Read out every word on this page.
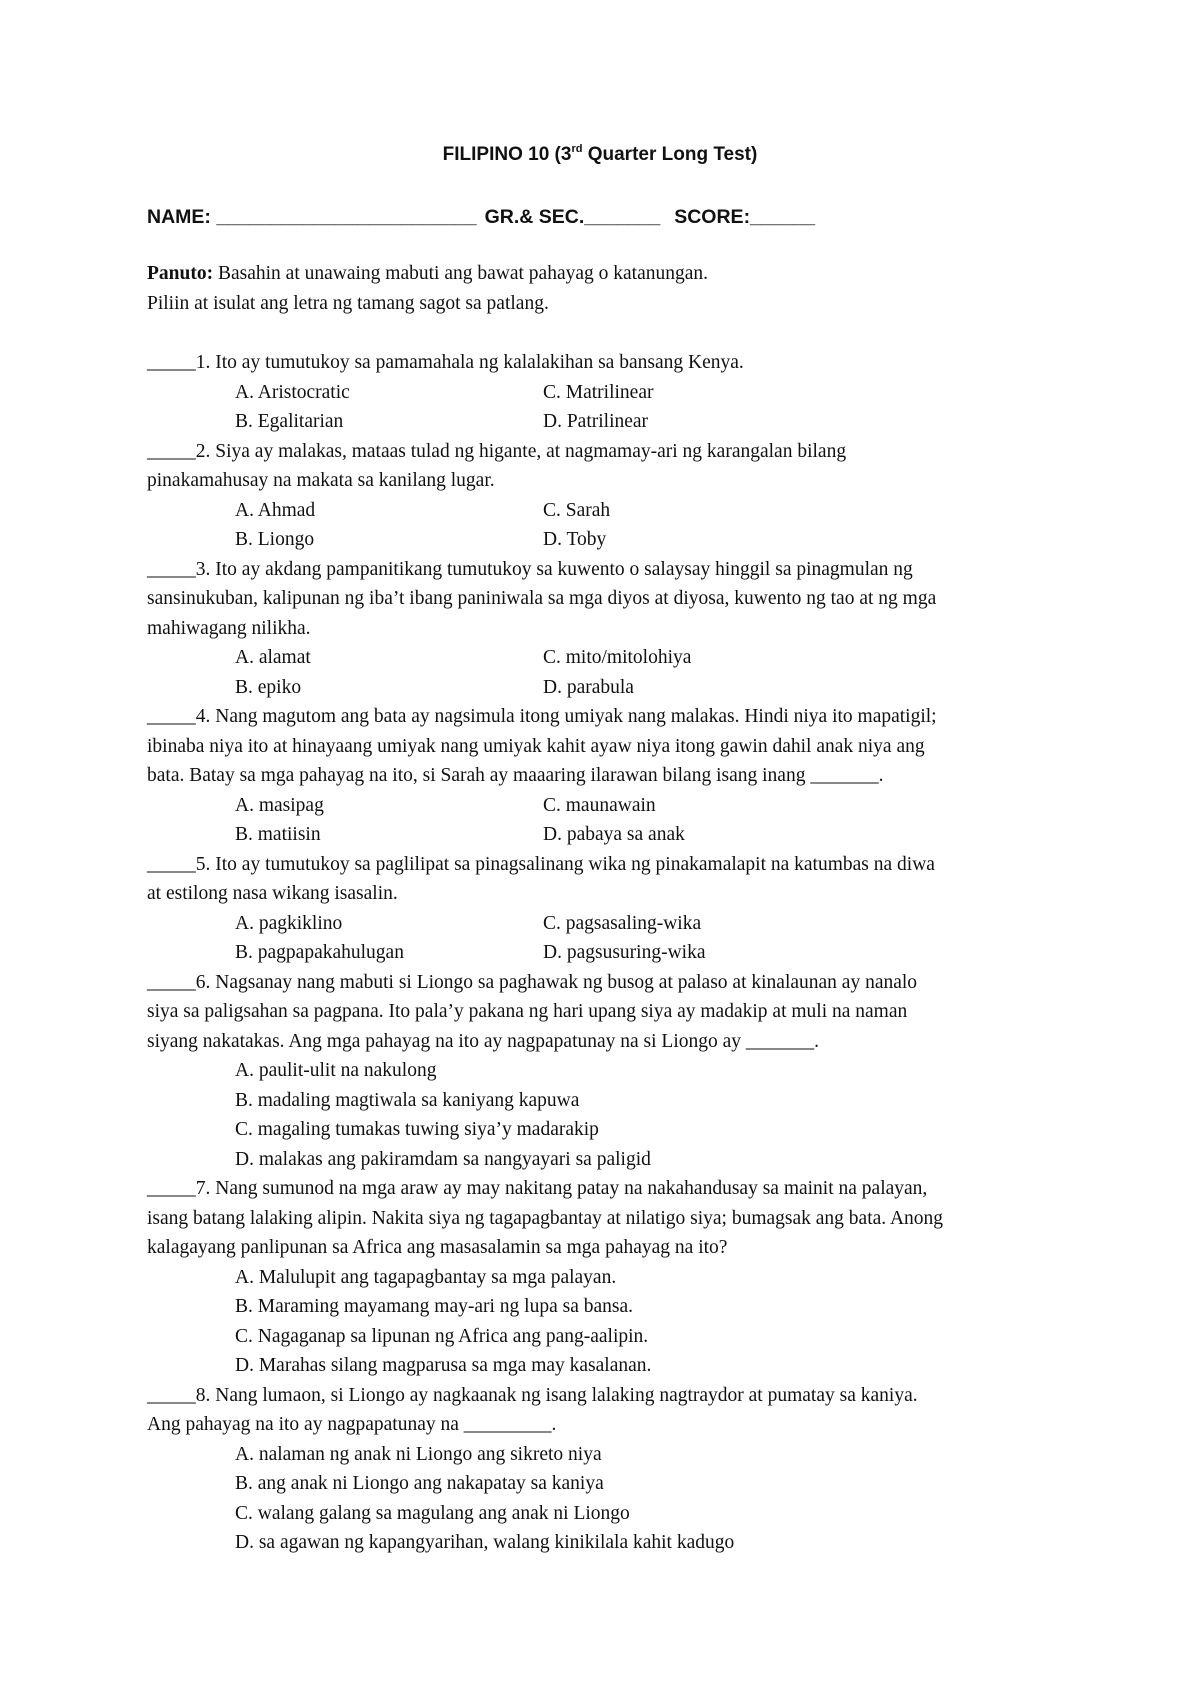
FILIPINO 10 (3rd Quarter Long Test)
NAME: ________________________ GR.& SEC._______ SCORE:______
Panuto: Basahin at unawaing mabuti ang bawat pahayag o katanungan.
Piliin at isulat ang letra ng tamang sagot sa patlang.
_____1. Ito ay tumutukoy sa pamamahala ng kalalakihan sa bansang Kenya.
A. Aristocratic	C. Matrilinear
B. Egalitarian	D. Patrilinear
_____2. Siya ay malakas, mataas tulad ng higante, at nagmamay-ari ng karangalan bilang
pinakamahusay na makata sa kanilang lugar.
A. Ahmad	C. Sarah
B. Liongo	D. Toby
_____3. Ito ay akdang pampanitikang tumutukoy sa kuwento o salaysay hinggil sa pinagmulan ng
sansinukuban, kalipunan ng iba’t ibang paniniwala sa mga diyos at diyosa, kuwento ng tao at ng mga
mahiwagang nilikha.
A. alamat	C. mito/mitolohiya
B. epiko	D. parabula
_____4. Nang magutom ang bata ay nagsimula itong umiyak nang malakas. Hindi niya ito mapatigil;
ibinaba niya ito at hinayaang umiyak nang umiyak kahit ayaw niya itong gawin dahil anak niya ang
bata. Batay sa mga pahayag na ito, si Sarah ay maaaring ilarawan bilang isang inang _______.
A. masipag	C. maunawain
B. matiisin	D. pabaya sa anak
_____5. Ito ay tumutukoy sa paglilipat sa pinagsalinang wika ng pinakamalapit na katumbas na diwa
at estilong nasa wikang isasalin.
A. pagkiklino	C. pagsasaling-wika
B. pagpapakahulugan	D. pagsusuring-wika
_____6. Nagsanay nang mabuti si Liongo sa paghawak ng busog at palaso at kinalaunan ay nanalo
siya sa paligsahan sa pagpana. Ito pala’y pakana ng hari upang siya ay madakip at muli na naman
siyang nakatakas. Ang mga pahayag na ito ay nagpapatunay na si Liongo ay _______.
A. paulit-ulit na nakulong
B. madaling magtiwala sa kaniyang kapuwa
C. magaling tumakas tuwing siya’y madarakip
D. malakas ang pakiramdam sa nangyayari sa paligid
_____7. Nang sumunod na mga araw ay may nakitang patay na nakahandusay sa mainit na palayan,
isang batang lalaking alipin. Nakita siya ng tagapagbantay at nilatigo siya; bumagsak ang bata. Anong
kalagayang panlipunan sa Africa ang masasalamin sa mga pahayag na ito?
A. Malulupit ang tagapagbantay sa mga palayan.
B. Maraming mayamang may-ari ng lupa sa bansa.
C. Nagaganap sa lipunan ng Africa ang pang-aalipin.
D. Marahas silang magparusa sa mga may kasalanan.
_____8. Nang lumaon, si Liongo ay nagkaanak ng isang lalaking nagtraydor at pumatay sa kaniya.
Ang pahayag na ito ay nagpapatunay na _________.
A. nalaman ng anak ni Liongo ang sikreto niya
B. ang anak ni Liongo ang nakapatay sa kaniya
C. walang galang sa magulang ang anak ni Liongo
D. sa agawan ng kapangyarihan, walang kinikilala kahit kadugo
